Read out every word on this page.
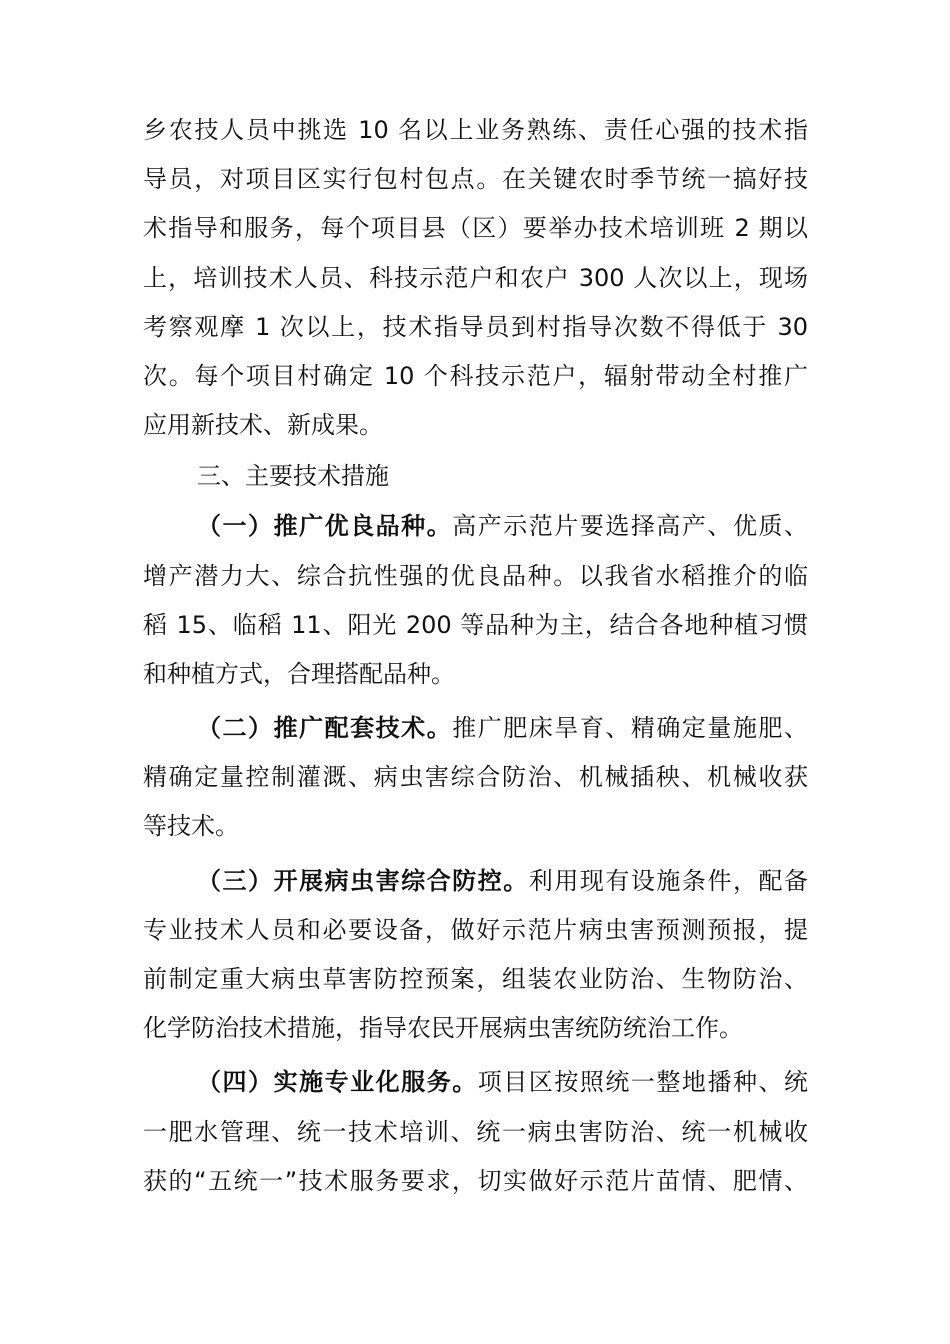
乡农技人员中挑选 10 名以上业务熟练、责任心强的技术指
导员，对项目区实行包村包点。在关键农时季节统一搞好技
术指导和服务，每个项目县（区）要举办技术培训班 2 期以
上，培训技术人员、科技示范户和农户 300 人次以上，现场
考察观摩 1 次以上，技术指导员到村指导次数不得低于 30
次。每个项目村确定 10 个科技示范户，辐射带动全村推广
应用新技术、新成果。
三、主要技术措施
（一）推广优良品种。高产示范片要选择高产、优质、
增产潜力大、综合抗性强的优良品种。以我省水稻推介的临
稻 15、临稻 11、阳光 200 等品种为主，结合各地种植习惯
和种植方式，合理搭配品种。
（二）推广配套技术。推广肥床旱育、精确定量施肥、
精确定量控制灌溉、病虫害综合防治、机械插秧、机械收获
等技术。
（三）开展病虫害综合防控。利用现有设施条件，配备
专业技术人员和必要设备，做好示范片病虫害预测预报，提
前制定重大病虫草害防控预案，组装农业防治、生物防治、
化学防治技术措施，指导农民开展病虫害统防统治工作。
（四）实施专业化服务。项目区按照统一整地播种、统
一肥水管理、统一技术培训、统一病虫害防治、统一机械收
获的“五统一”技术服务要求，切实做好示范片苗情、肥情、
